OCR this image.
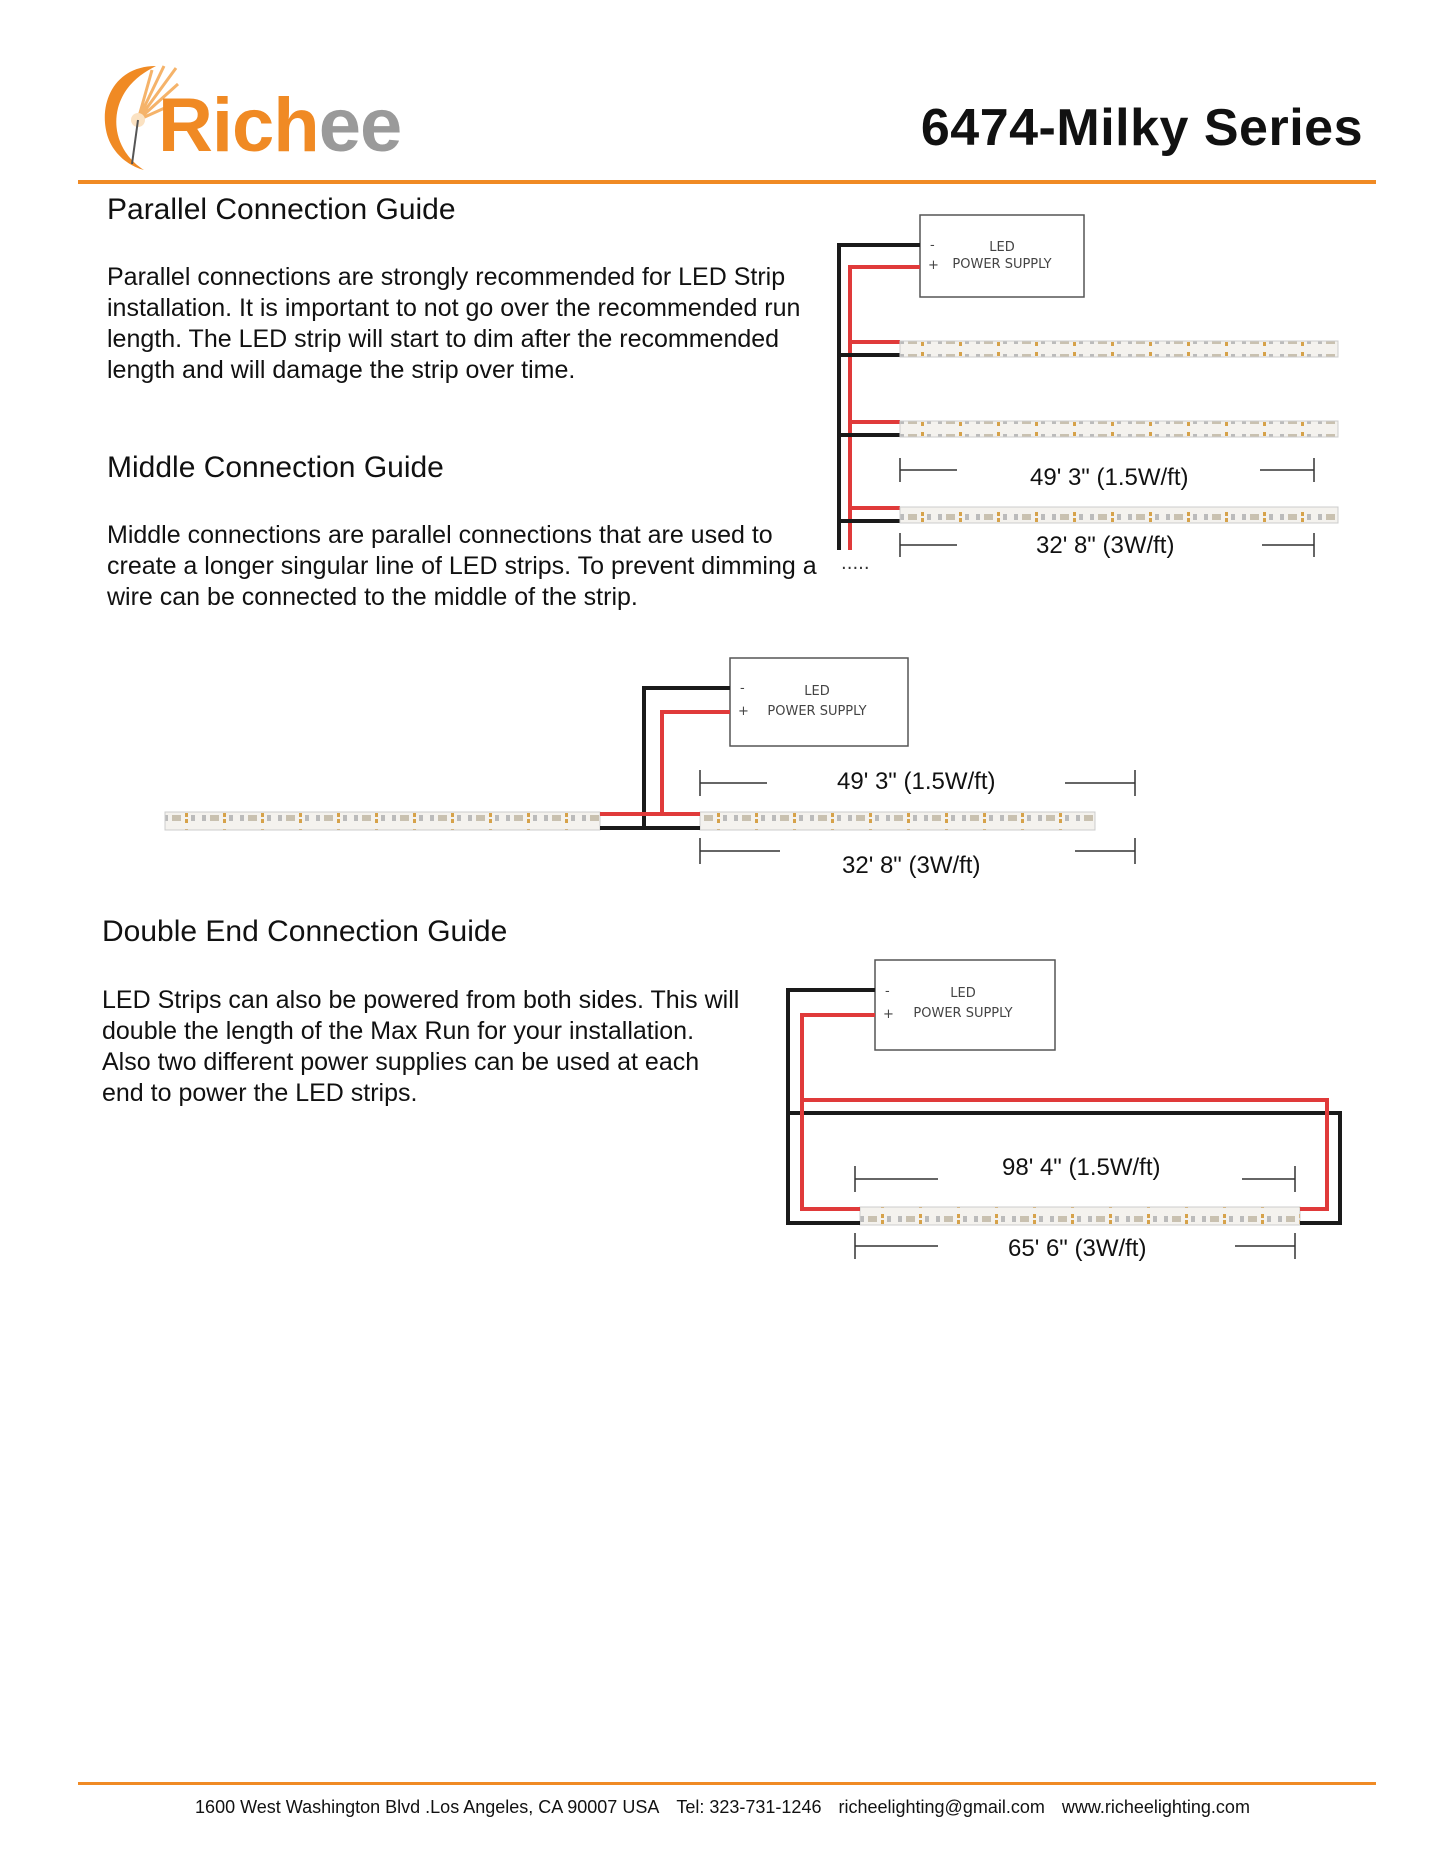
Richee	6474-Milky Series
Parallel Connection Guide

Parallel connections are strongly recommended for LED Strip installation. It is important to not go over the recommended run length. The LED strip will start to dim after the recommended length and will damage the strip over time.

Middle Connection Guide

Middle connections are parallel connections that are used to create a longer singular line of LED strips. To prevent dimming a wire can be connected to the middle of the strip.

-
+
LED
POWER SUPPLY
.....
49' 3" (1.5W/ft)
32' 8" (3W/ft)
-
+
LED
POWER SUPPLY
49' 3" (1.5W/ft)
32' 8" (3W/ft)
Double End Connection Guide

LED Strips can also be powered from both sides. This will double the length of the Max Run for your installation. Also two different power supplies can be used at each end to power the LED strips.

-
+
LED
POWER SUPPLY
98' 4" (1.5W/ft)
65' 6" (3W/ft)
1600 West Washington Blvd .Los Angeles, CA 90007 USA Tel: 323-731-1246 richeelighting@gmail.com www.richeelighting.com
